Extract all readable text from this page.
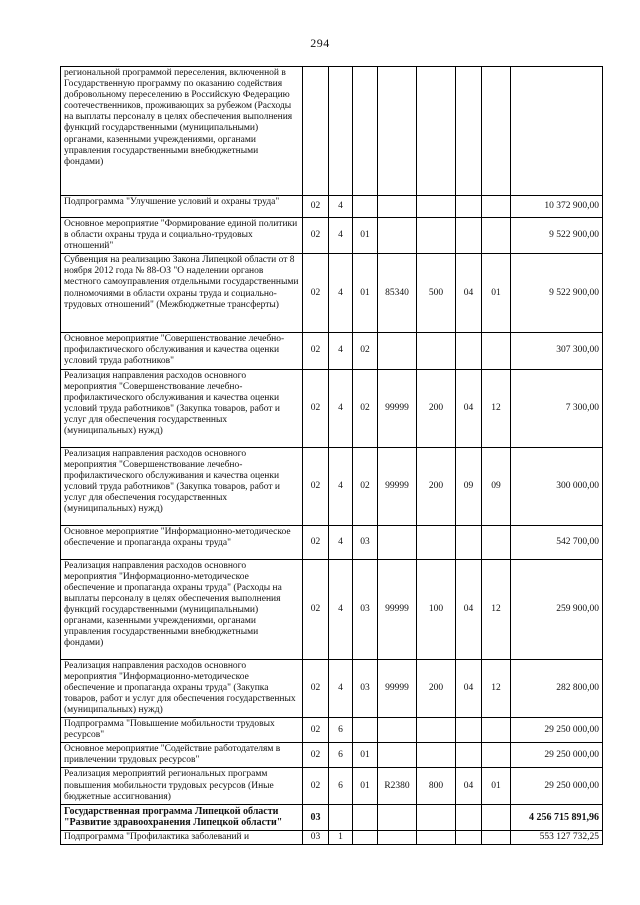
294
региональной программой переселения, включенной в Государственную программу по оказанию содействия добровольному переселению в Российскую Федерацию соотечественников, проживающих за рубежом (Расходы на выплаты персоналу в целях обеспечения выполнения функций государственными (муниципальными) органами, казенными учреждениями, органами управления государственными внебюджетными фондами)								
Подпрограмма "Улучшение условий и охраны труда"	02	4						10 372 900,00
Основное мероприятие "Формирование единой политики в области охраны труда и социально-трудовых отношений"	02	4	01					9 522 900,00
Субвенция на реализацию Закона Липецкой области от 8 ноября 2012 года № 88-ОЗ "О наделении органов местного самоуправления отдельными государственными полномочиями в области охраны труда и социально-трудовых отношений" (Межбюджетные трансферты)	02	4	01	85340	500	04	01	9 522 900,00
Основное мероприятие "Совершенствование лечебно-профилактического обслуживания и качества оценки условий труда работников"	02	4	02					307 300,00
Реализация направления расходов основного мероприятия "Совершенствование лечебно-профилактического обслуживания и качества оценки условий труда работников" (Закупка товаров, работ и услуг для обеспечения государственных (муниципальных) нужд)	02	4	02	99999	200	04	12	7 300,00
Реализация направления расходов основного мероприятия "Совершенствование лечебно-профилактического обслуживания и качества оценки условий труда работников" (Закупка товаров, работ и услуг для обеспечения государственных (муниципальных) нужд)	02	4	02	99999	200	09	09	300 000,00
Основное мероприятие "Информационно-методическое обеспечение и пропаганда охраны труда"	02	4	03					542 700,00
Реализация направления расходов основного мероприятия "Информационно-методическое обеспечение и пропаганда охраны труда" (Расходы на выплаты персоналу в целях обеспечения выполнения функций государственными (муниципальными) органами, казенными учреждениями, органами управления государственными внебюджетными фондами)	02	4	03	99999	100	04	12	259 900,00
Реализация направления расходов основного мероприятия "Информационно-методическое обеспечение и пропаганда охраны труда" (Закупка товаров, работ и услуг для обеспечения государственных (муниципальных) нужд)	02	4	03	99999	200	04	12	282 800,00
Подпрограмма "Повышение мобильности трудовых ресурсов"	02	6						29 250 000,00
Основное мероприятие "Содействие работодателям в привлечении трудовых ресурсов"	02	6	01					29 250 000,00
Реализация мероприятий региональных программ повышения мобильности трудовых ресурсов (Иные бюджетные ассигнования)	02	6	01	R2380	800	04	01	29 250 000,00
Государственная программа Липецкой области "Развитие здравоохранения Липецкой области"	03							4 256 715 891,96
Подпрограмма "Профилактика заболеваний и	03	1						553 127 732,25
